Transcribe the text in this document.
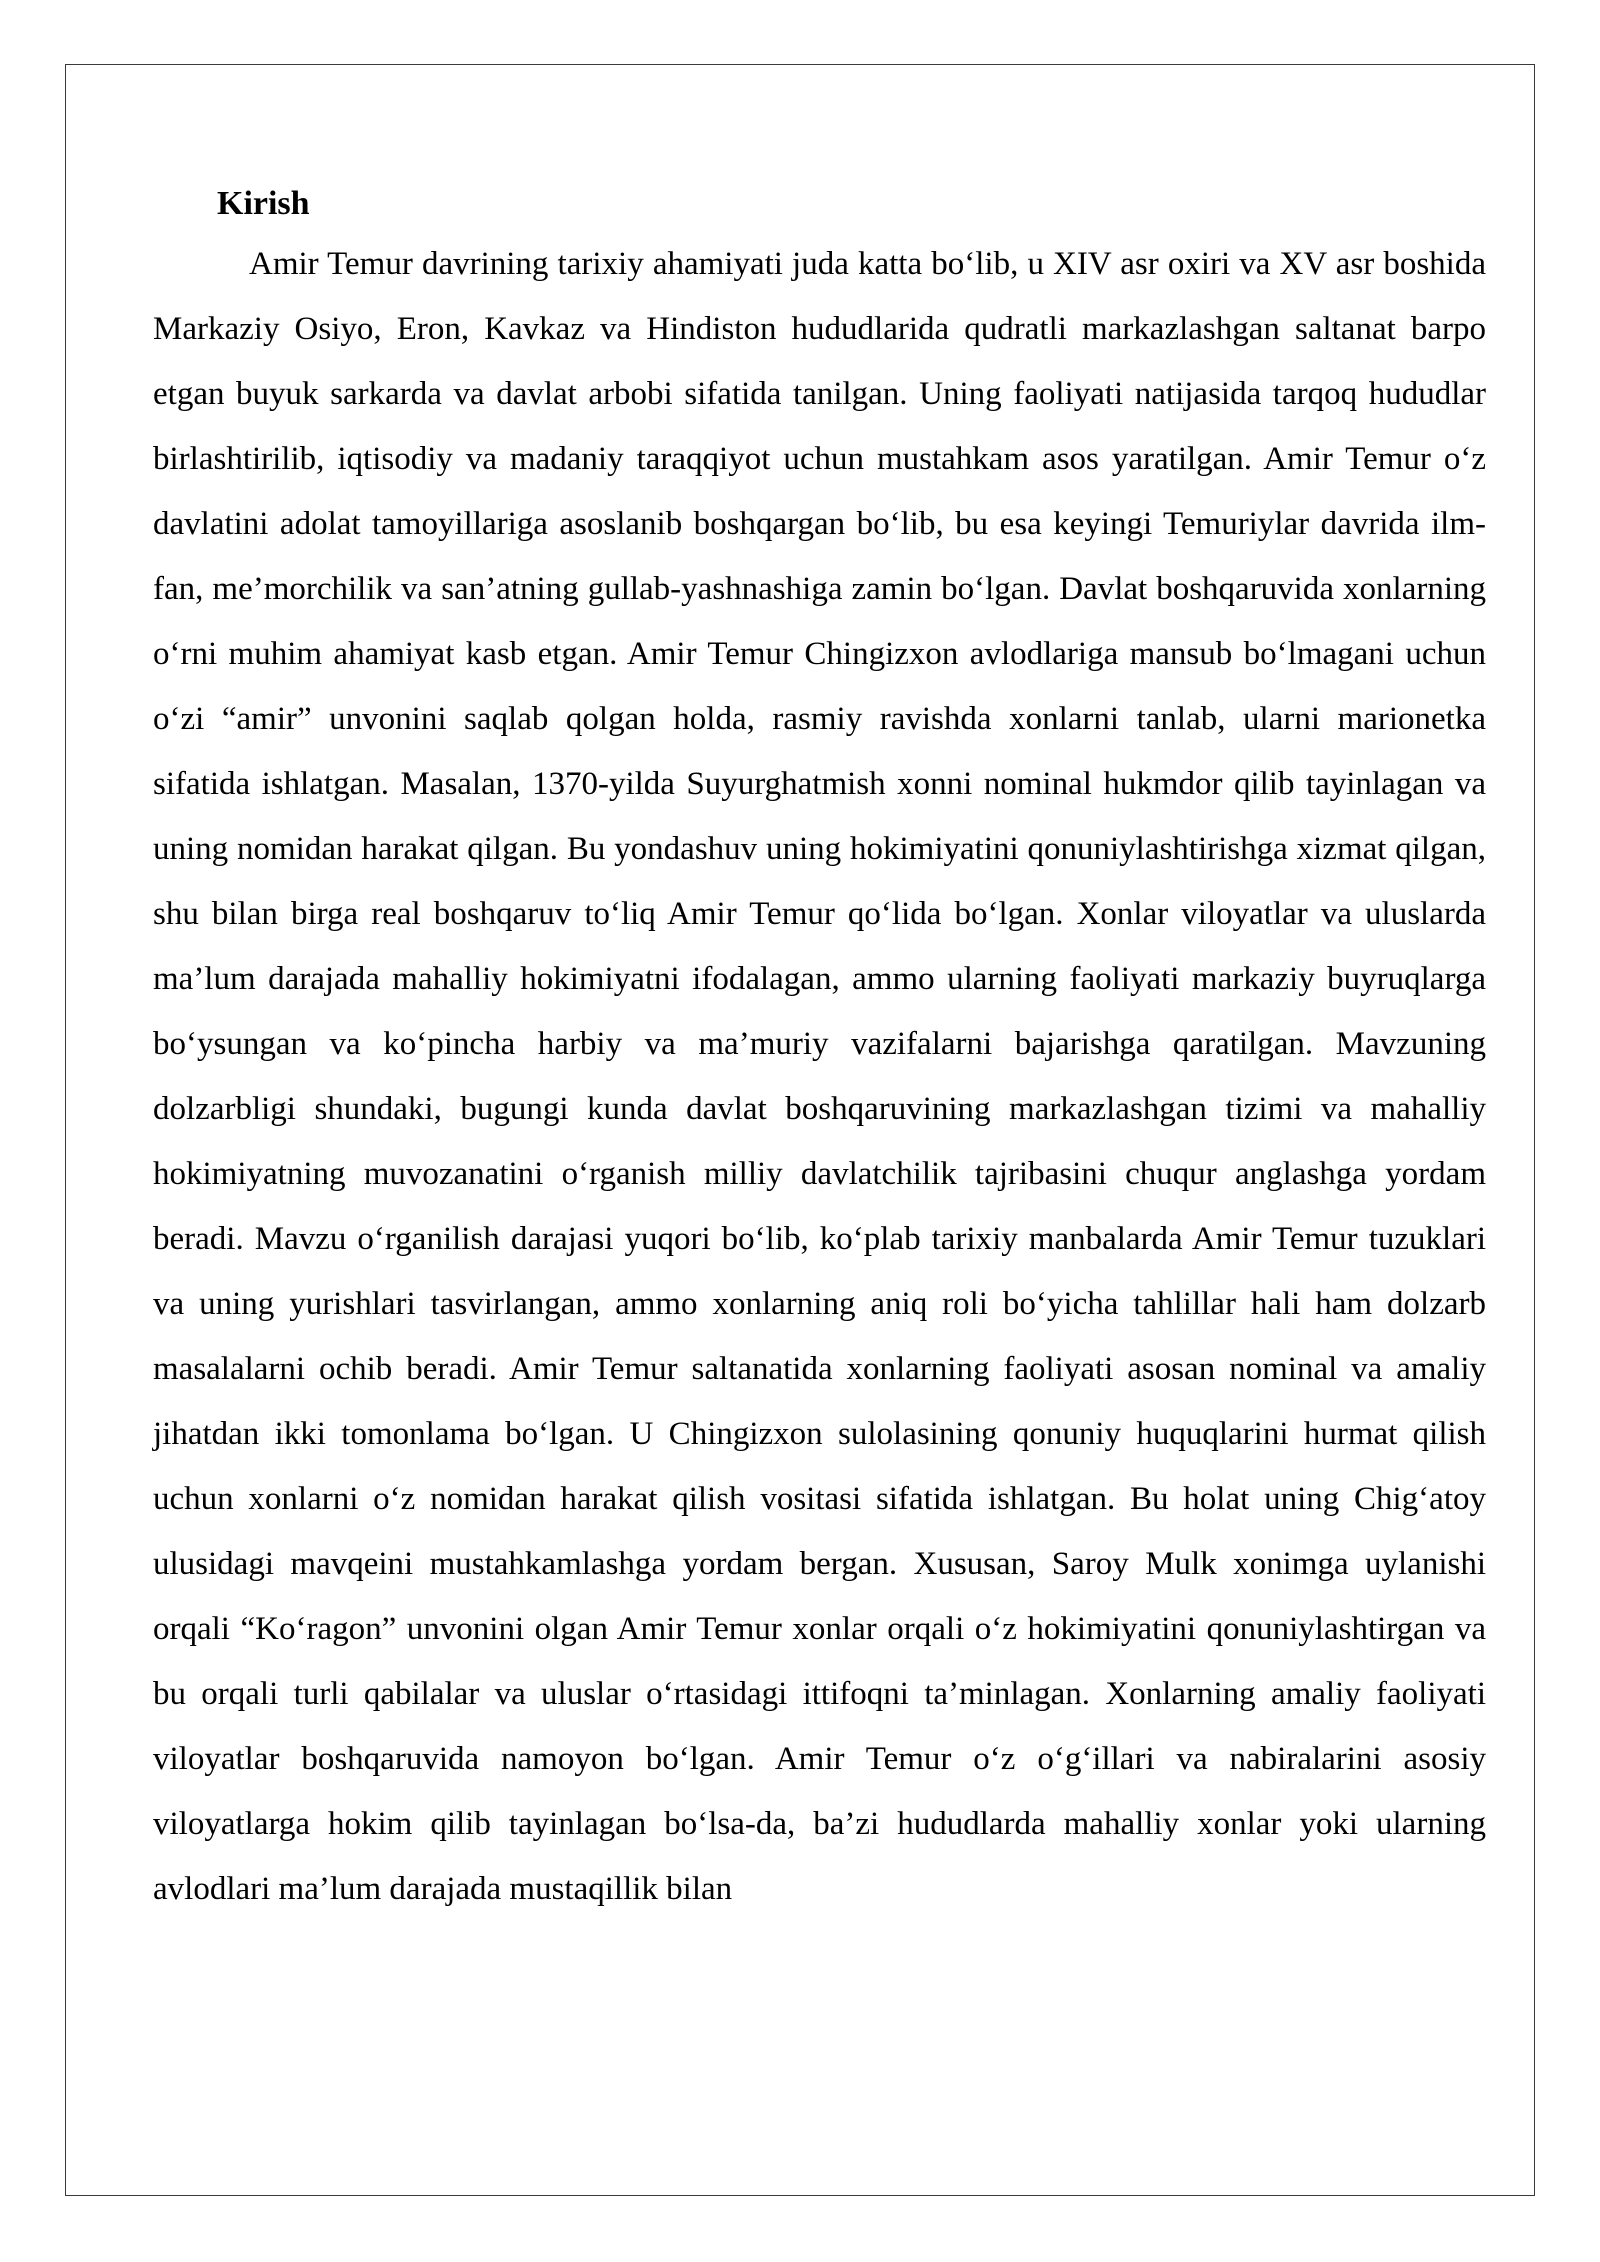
Kirish

Amir Temur davrining tarixiy ahamiyati juda katta bo‘lib, u XIV asr oxiri va XV asr boshida Markaziy Osiyo, Eron, Kavkaz va Hindiston hududlarida qudratli markazlashgan saltanat barpo etgan buyuk sarkarda va davlat arbobi sifatida tanilgan. Uning faoliyati natijasida tarqoq hududlar birlashtirilib, iqtisodiy va madaniy taraqqiyot uchun mustahkam asos yaratilgan. Amir Temur o‘z davlatini adolat tamoyillariga asoslanib boshqargan bo‘lib, bu esa keyingi Temuriylar davrida ilm-fan, me’morchilik va san’atning gullab-yashnashiga zamin bo‘lgan. Davlat boshqaruvida xonlarning o‘rni muhim ahamiyat kasb etgan. Amir Temur Chingizxon avlodlariga mansub bo‘lmagani uchun o‘zi “amir” unvonini saqlab qolgan holda, rasmiy ravishda xonlarni tanlab, ularni marionetka sifatida ishlatgan. Masalan, 1370-yilda Suyurghatmish xonni nominal hukmdor qilib tayinlagan va uning nomidan harakat qilgan. Bu yondashuv uning hokimiyatini qonuniylashtirishga xizmat qilgan, shu bilan birga real boshqaruv to‘liq Amir Temur qo‘lida bo‘lgan. Xonlar viloyatlar va uluslarda ma’lum darajada mahalliy hokimiyatni ifodalagan, ammo ularning faoliyati markaziy buyruqlarga bo‘ysungan va ko‘pincha harbiy va ma’muriy vazifalarni bajarishga qaratilgan. Mavzuning dolzarbligi shundaki, bugungi kunda davlat boshqaruvining markazlashgan tizimi va mahalliy hokimiyatning muvozanatini o‘rganish milliy davlatchilik tajribasini chuqur anglashga yordam beradi. Mavzu o‘rganilish darajasi yuqori bo‘lib, ko‘plab tarixiy manbalarda Amir Temur tuzuklari va uning yurishlari tasvirlangan, ammo xonlarning aniq roli bo‘yicha tahlillar hali ham dolzarb masalalarni ochib beradi. Amir Temur saltanatida xonlarning faoliyati asosan nominal va amaliy jihatdan ikki tomonlama bo‘lgan. U Chingizxon sulolasining qonuniy huquqlarini hurmat qilish uchun xonlarni o‘z nomidan harakat qilish vositasi sifatida ishlatgan. Bu holat uning Chig‘atoy ulusidagi mavqeini mustahkamlashga yordam bergan. Xususan, Saroy Mulk xonimga uylanishi orqali “Ko‘ragon” unvonini olgan Amir Temur xonlar orqali o‘z hokimiyatini qonuniylashtirgan va bu orqali turli qabilalar va uluslar o‘rtasidagi ittifoqni ta’minlagan. Xonlarning amaliy faoliyati viloyatlar boshqaruvida namoyon bo‘lgan. Amir Temur o‘z o‘g‘illari va nabiralarini asosiy viloyatlarga hokim qilib tayinlagan bo‘lsa-da, ba’zi hududlarda mahalliy xonlar yoki ularning avlodlari ma’lum darajada mustaqillik bilan
